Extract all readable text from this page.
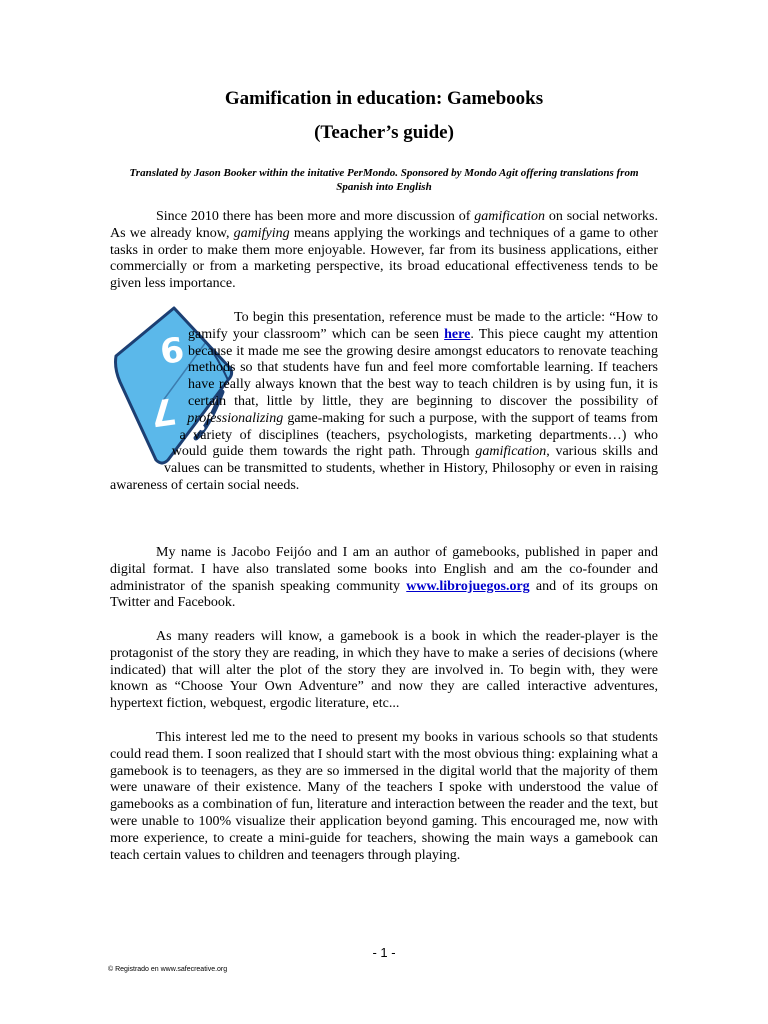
Gamification in education: Gamebooks
(Teacher’s guide)
Translated by Jason Booker within the initative PerMondo. Sponsored by Mondo Agit offering translations from Spanish into English

Since 2010 there has been more and more discussion of gamification on social networks. As we already know, gamifying means applying the workings and techniques of a game to other tasks in order to make them more enjoyable. However, far from its business applications, either commercially or from a marketing perspective, its broad educational effectiveness tends to be given less importance.

6
7

To begin this presentation, reference must be made to the article: “How to gamify your classroom” which can be seen here. This piece caught my attention because it made me see the growing desire amongst educators to renovate teaching methods so that students have fun and feel more comfortable learning. If teachers have really always known that the best way to teach children is by using fun, it is certain that, little by little, they are beginning to discover the possibility of professionalizing game-making for such a purpose, with the support of teams from a variety of disciplines (teachers, psychologists, marketing departments…) who would guide them towards the right path. Through gamification, various skills and values can be transmitted to students, whether in History, Philosophy or even in raising awareness of certain social needs.

My name is Jacobo Feijóo and I am an author of gamebooks, published in paper and digital format. I have also translated some books into English and am the co-founder and administrator of the spanish speaking community www.librojuegos.org and of its groups on Twitter and Facebook.

As many readers will know, a gamebook is a book in which the reader-player is the protagonist of the story they are reading, in which they have to make a series of decisions (where indicated) that will alter the plot of the story they are involved in. To begin with, they were known as “Choose Your Own Adventure” and now they are called interactive adventures, hypertext fiction, webquest, ergodic literature, etc...

This interest led me to the need to present my books in various schools so that students could read them. I soon realized that I should start with the most obvious thing: explaining what a gamebook is to teenagers, as they are so immersed in the digital world that the majority of them were unaware of their existence. Many of the teachers I spoke with understood the value of gamebooks as a combination of fun, literature and interaction between the reader and the text, but were unable to 100% visualize their application beyond gaming. This encouraged me, now with more experience, to create a mini-guide for teachers, showing the main ways a gamebook can teach certain values to children and teenagers through playing.

- 1 -
© Registrado en www.safecreative.org
